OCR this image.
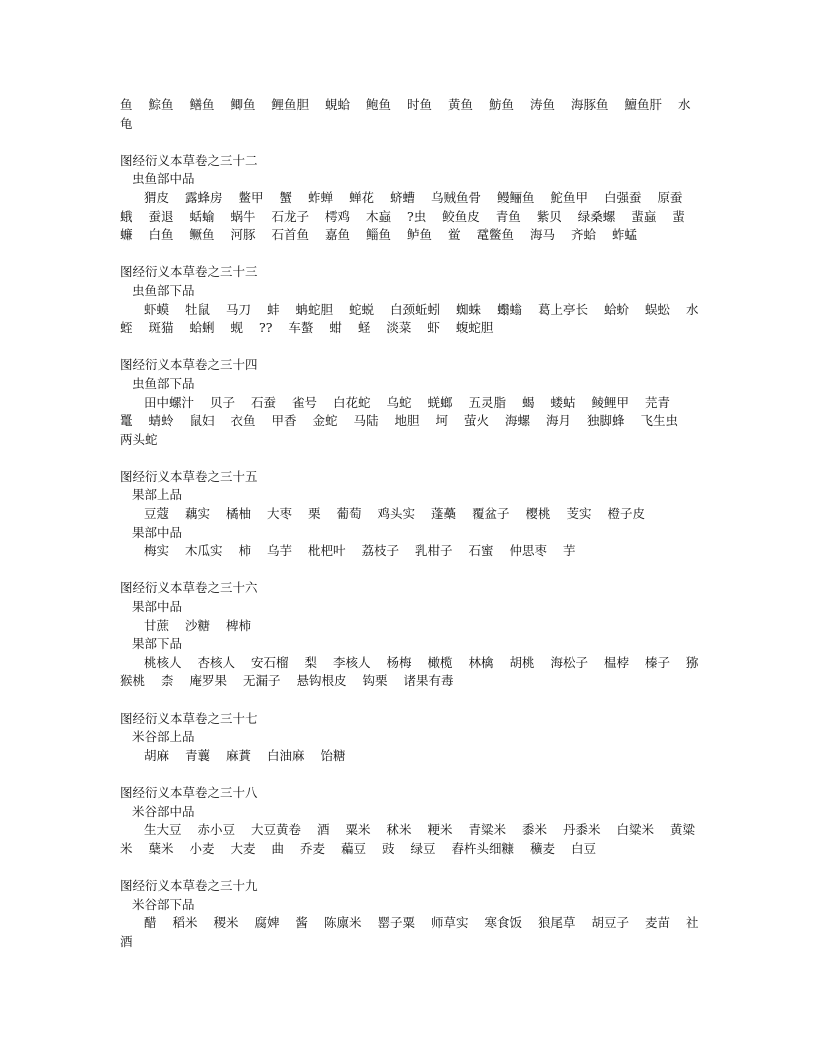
鱼 鯮鱼 鳝鱼 鲫鱼 鲤鱼胆 蜆蛤 鲍鱼 时鱼 黄鱼 魴鱼 涛鱼 海豚鱼 鱣鱼肝 水龟
图经衍义本草卷之三十二
虫鱼部中品
猬皮 露蜂房 鳖甲 蟹 蚱蝉 蝉花 蛴螬 乌贼鱼骨 鳗鲡鱼 鮀鱼甲 白强蚕 原蚕蛾 蚕退 蛞蝓 蜗牛 石龙子 樗鸡 木蝱 ?虫 鲛鱼皮 青鱼 紫贝 绿桑螺 蜚蝱 蜚蠊 白鱼 鳜鱼 河豚 石首鱼 嘉鱼 鲻鱼 鲈鱼 鲎 鼋鳖鱼 海马 齐蛤 蚱蜢
图经衍义本草卷之三十三
虫鱼部下品
虾蟆 牡鼠 马刀 蚌 蚺蛇胆 蛇蜕 白颈蚯蚓 蜘蛛 蠮螉 葛上亭长 蛤蚧 蜈蚣 水蛭 斑猫 蛤蜊 蚬 ?? 车螯 蚶 蛏 淡菜 虾 蝮蛇胆
图经衍义本草卷之三十四
虫鱼部下品
田中螺汁 贝子 石蚕 雀号 白花蛇 乌蛇 蜣螂 五灵脂 蝎 蝼蛄 鲮鲤甲 芫青 鼍 蜻蛉 鼠妇 衣鱼 甲香 金蛇 马陆 地胆 坷 萤火 海螺 海月 独脚蜂 飞生虫 两头蛇
图经衍义本草卷之三十五
果部上品
豆蔻 藕实 橘柚 大枣 栗 葡萄 鸡头实 蓬蘽 覆盆子 樱桃 芰实 橙子皮
果部中品
梅实 木瓜实 柿 乌芋 枇杷叶 荔枝子 乳柑子 石蜜 仲思枣 芋
图经衍义本草卷之三十六
果部中品
甘蔗 沙糖 椑柿
果部下品
桃核人 杏核人 安石榴 梨 李核人 杨梅 橄榄 林檎 胡桃 海松子 榅桲 榛子 猕猴桃 柰 庵罗果 无漏子 悬钩根皮 钩栗 诸果有毒
图经衍义本草卷之三十七
米谷部上品
胡麻 青蘘 麻蕡 白油麻 饴糖
图经衍义本草卷之三十八
米谷部中品
生大豆 赤小豆 大豆黄卷 酒 粟米 秫米 粳米 青粱米 黍米 丹黍米 白粱米 黄粱米 蘖米 小麦 大麦 曲 乔麦 藊豆 豉 绿豆 舂杵头细糠 穬麦 白豆
图经衍义本草卷之三十九
米谷部下品
醋 稻米 稷米 腐婢 酱 陈廪米 罂子粟 师草实 寒食饭 狼尾草 胡豆子 麦苗 社酒
